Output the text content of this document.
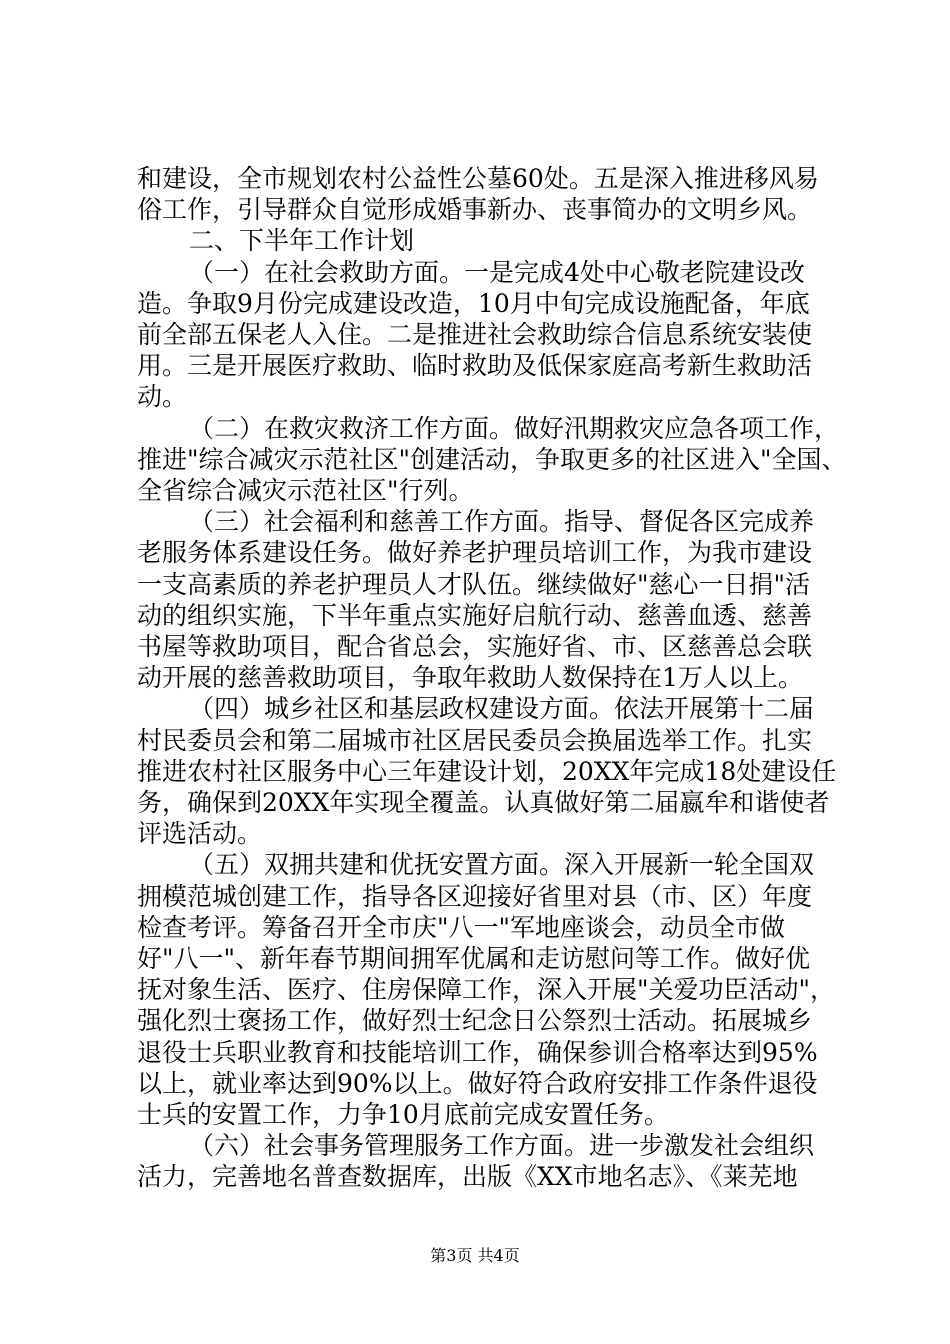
和建设，全市规划农村公益性公墓60处。五是深入推进移风易
俗工作，引导群众自觉形成婚事新办、丧事简办的文明乡风。
二、下半年工作计划
（一）在社会救助方面。一是完成4处中心敬老院建设改
造。争取9月份完成建设改造，10月中旬完成设施配备，年底
前全部五保老人入住。二是推进社会救助综合信息系统安装使
用。三是开展医疗救助、临时救助及低保家庭高考新生救助活
动。
（二）在救灾救济工作方面。做好汛期救灾应急各项工作，
推进"综合减灾示范社区"创建活动，争取更多的社区进入"全国、
全省综合减灾示范社区"行列。
（三）社会福利和慈善工作方面。指导、督促各区完成养
老服务体系建设任务。做好养老护理员培训工作，为我市建设
一支高素质的养老护理员人才队伍。继续做好"慈心一日捐"活
动的组织实施，下半年重点实施好启航行动、慈善血透、慈善
书屋等救助项目，配合省总会，实施好省、市、区慈善总会联
动开展的慈善救助项目，争取年救助人数保持在1万人以上。
（四）城乡社区和基层政权建设方面。依法开展第十二届
村民委员会和第二届城市社区居民委员会换届选举工作。扎实
推进农村社区服务中心三年建设计划，20XX年完成18处建设任
务，确保到20XX年实现全覆盖。认真做好第二届嬴牟和谐使者
评选活动。
（五）双拥共建和优抚安置方面。深入开展新一轮全国双
拥模范城创建工作，指导各区迎接好省里对县（市、区）年度
检查考评。筹备召开全市庆"八一"军地座谈会，动员全市做
好"八一"、新年春节期间拥军优属和走访慰问等工作。做好优
抚对象生活、医疗、住房保障工作，深入开展"关爱功臣活动"，
强化烈士褒扬工作，做好烈士纪念日公祭烈士活动。拓展城乡
退役士兵职业教育和技能培训工作，确保参训合格率达到95%
以上，就业率达到90%以上。做好符合政府安排工作条件退役
士兵的安置工作，力争10月底前完成安置任务。
（六）社会事务管理服务工作方面。进一步激发社会组织
活力，完善地名普查数据库，出版《XX市地名志》、《莱芜地
第3页 共4页
